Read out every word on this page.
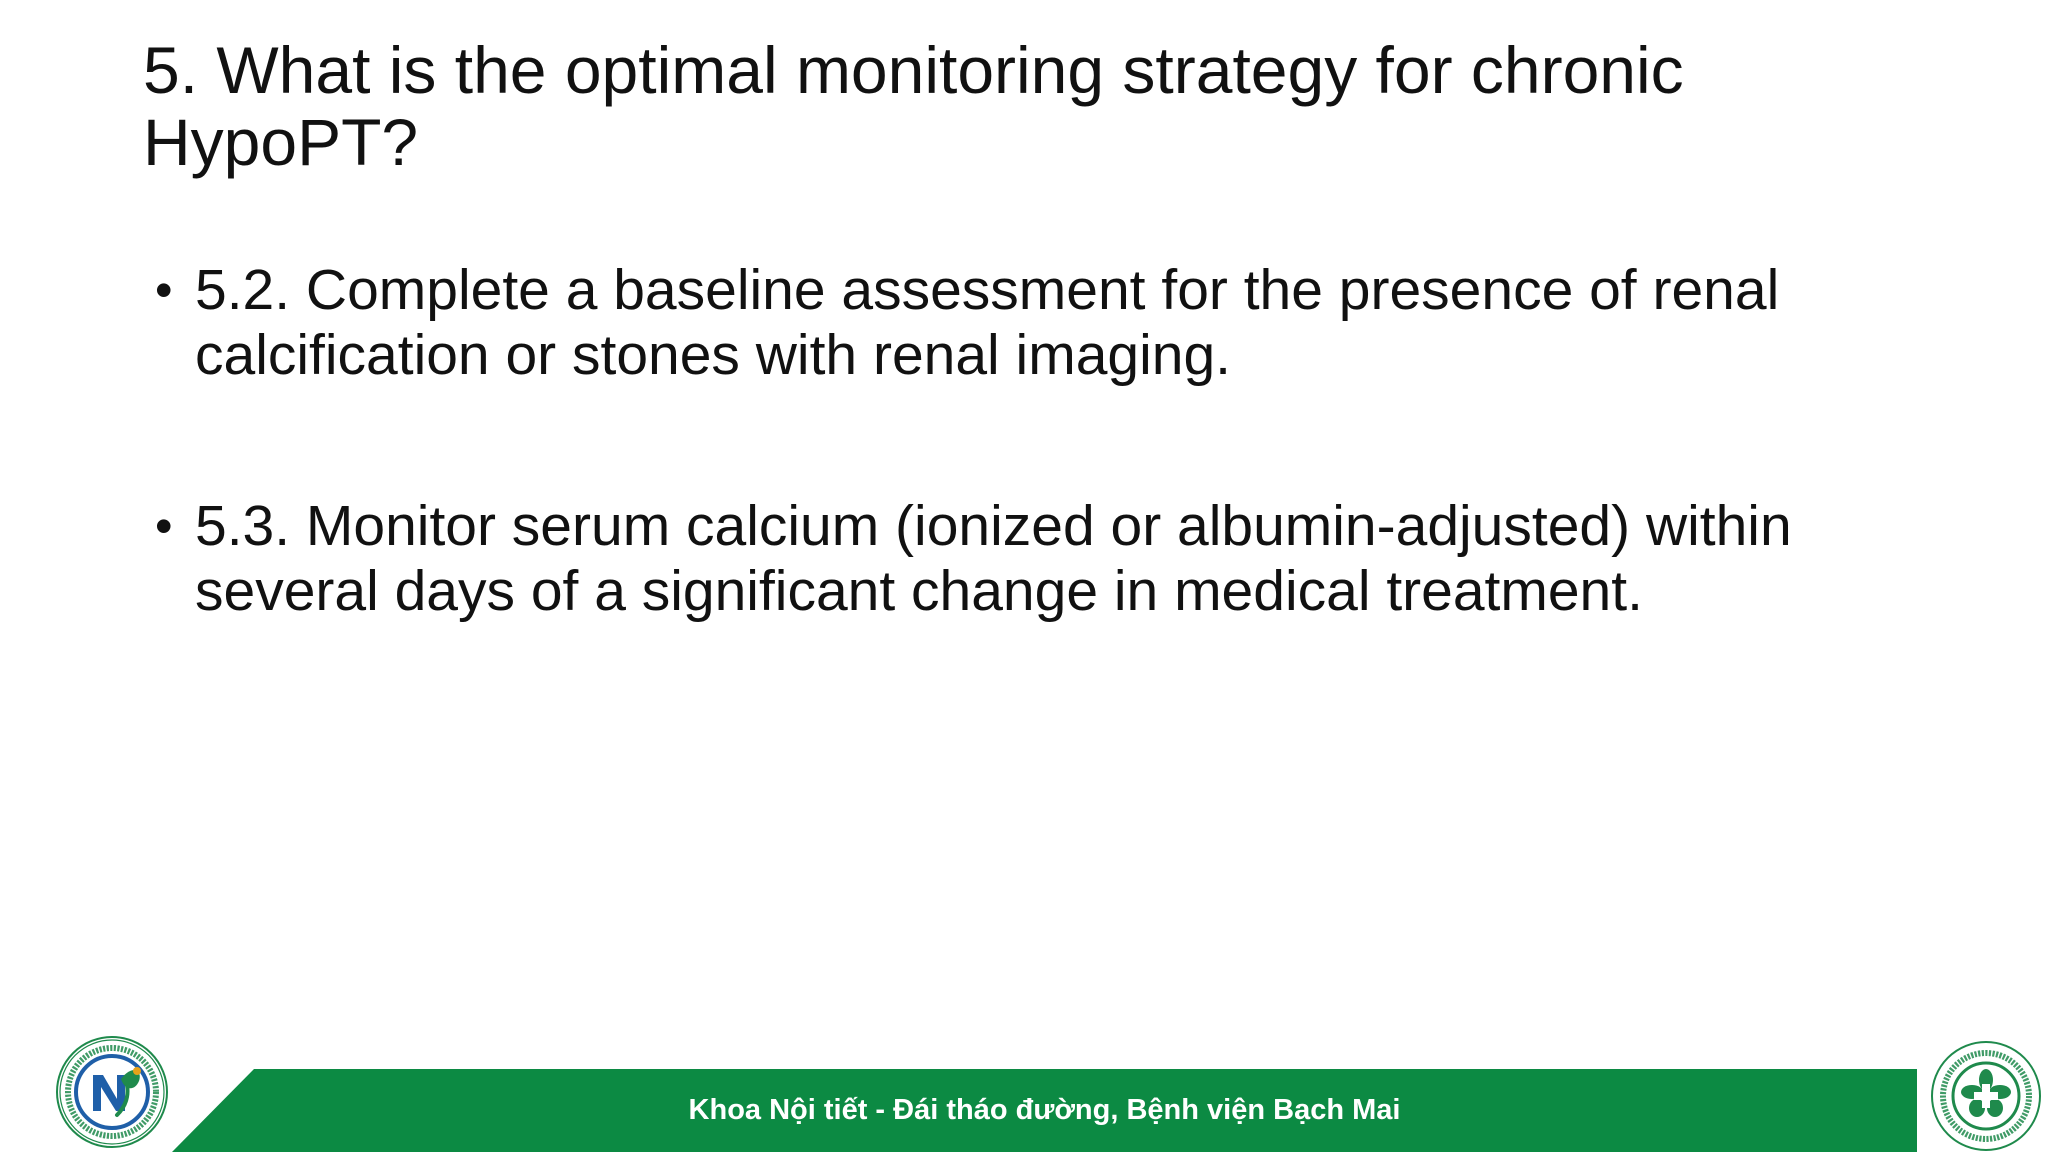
5. What is the optimal monitoring strategy for chronic HypoPT?
• 5.2. Complete a baseline assessment for the presence of renal calcification or stones with renal imaging.
• 5.3. Monitor serum calcium (ionized or albumin-adjusted) within several days of a significant change in medical treatment.
Khoa Nội tiết - Đái tháo đường, Bệnh viện Bạch Mai
